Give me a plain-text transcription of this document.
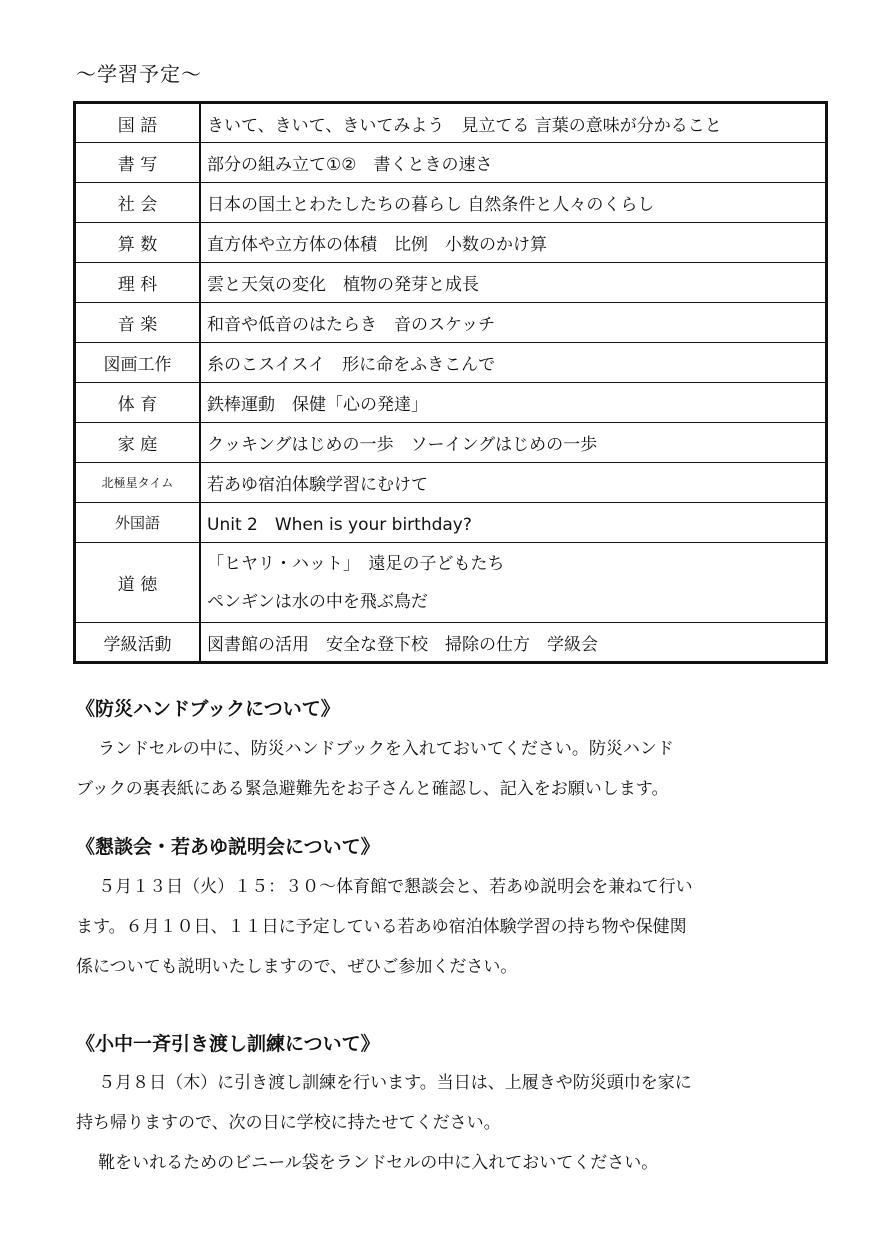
〜学習予定〜
国 語	きいて、きいて、きいてみよう　見立てる 言葉の意味が分かること
書 写	部分の組み立て①②　書くときの速さ
社 会	日本の国土とわたしたちの暮らし 自然条件と人々のくらし
算 数	直方体や立方体の体積　比例　小数のかけ算
理 科	雲と天気の変化　植物の発芽と成長
音 楽	和音や低音のはたらき　音のスケッチ
図画工作	糸のこスイスイ　形に命をふきこんで
体 育	鉄棒運動　保健「心の発達」
家 庭	クッキングはじめの一歩　ソーイングはじめの一歩
北極星タイム	若あゆ宿泊体験学習にむけて
外国語	Unit 2　When is your birthday?
道 徳	「ヒヤリ・ハット」　遠足の子どもたち
ペンギンは水の中を飛ぶ鳥だ

学級活動	図書館の活用　安全な登下校　掃除の仕方　学級会
《防災ハンドブックについて》
ランドセルの中に、防災ハンドブックを入れておいてください。防災ハンド
ブックの裏表紙にある緊急避難先をお子さんと確認し、記入をお願いします。
《懇談会・若あゆ説明会について》
５月１３日（火）１５：３０〜体育館で懇談会と、若あゆ説明会を兼ねて行い
ます。６月１０日、１１日に予定している若あゆ宿泊体験学習の持ち物や保健関
係についても説明いたしますので、ぜひご参加ください。
《小中一斉引き渡し訓練について》
５月８日（木）に引き渡し訓練を行います。当日は、上履きや防災頭巾を家に
持ち帰りますので、次の日に学校に持たせてください。
靴をいれるためのビニール袋をランドセルの中に入れておいてください。
